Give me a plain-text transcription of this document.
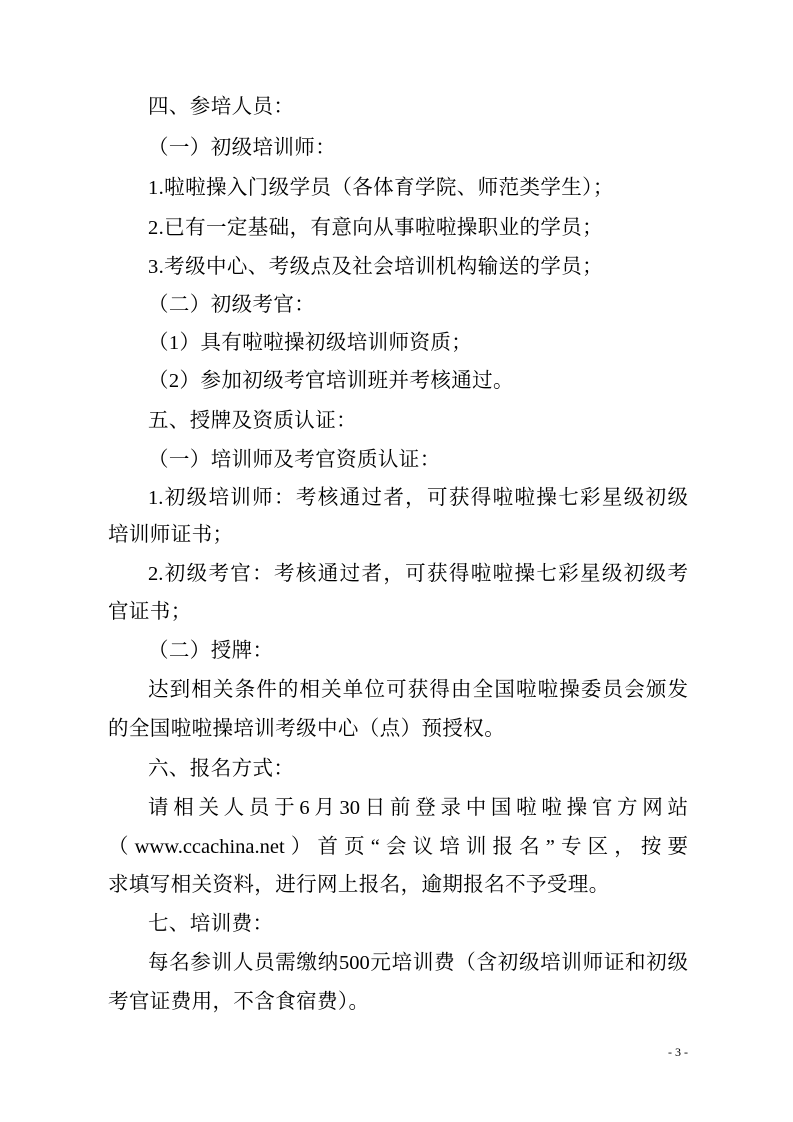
四、参培人员：
（一）初级培训师：
1.啦啦操入门级学员（各体育学院、师范类学生）；
2.已有一定基础，有意向从事啦啦操职业的学员；
3.考级中心、考级点及社会培训机构输送的学员；
（二）初级考官：
（1）具有啦啦操初级培训师资质；
（2）参加初级考官培训班并考核通过。
五、授牌及资质认证：
（一）培训师及考官资质认证：
1.初级培训师：考核通过者，可获得啦啦操七彩星级初级
培训师证书；
2.初级考官：考核通过者，可获得啦啦操七彩星级初级考
官证书；
（二）授牌：
达到相关条件的相关单位可获得由全国啦啦操委员会颁发
的全国啦啦操培训考级中心（点）预授权。
六、报名方式：
请相关人员于6月30日前登录中国啦啦操官方网站
（www.ccachina.net）首页“会议培训报名”专区，按要
求填写相关资料，进行网上报名，逾期报名不予受理。
七、培训费：
每名参训人员需缴纳500元培训费（含初级培训师证和初级
考官证费用，不含食宿费）。
- 3 -
